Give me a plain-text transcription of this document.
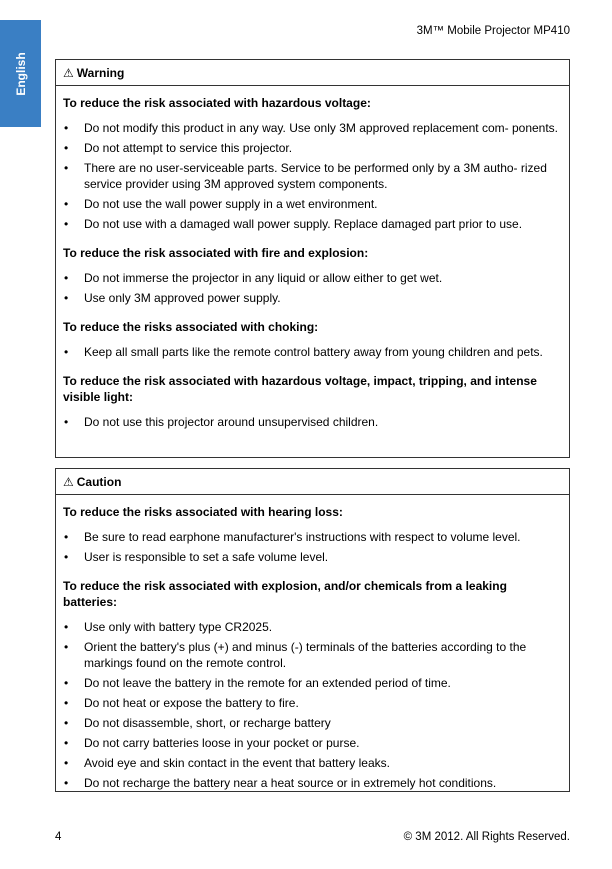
English
3M™ Mobile Projector MP410
⚠ Warning
To reduce the risk associated with hazardous voltage:
• Do not modify this product in any way. Use only 3M approved replacement com- ponents.
• Do not attempt to service this projector.
• There are no user-serviceable parts. Service to be performed only by a 3M autho- rized service provider using 3M approved system components.
• Do not use the wall power supply in a wet environment.
• Do not use with a damaged wall power supply. Replace damaged part prior to use.
To reduce the risk associated with fire and explosion:
• Do not immerse the projector in any liquid or allow either to get wet.
• Use only 3M approved power supply.
To reduce the risks associated with choking:
• Keep all small parts like the remote control battery away from young children and pets.
To reduce the risk associated with hazardous voltage, impact, tripping, and intense visible light:
• Do not use this projector around unsupervised children.
⚠ Caution
To reduce the risks associated with hearing loss:
• Be sure to read earphone manufacturer's instructions with respect to volume level.
• User is responsible to set a safe volume level.
To reduce the risk associated with explosion, and/or chemicals from a leaking batteries:
• Use only with battery type CR2025.
• Orient the battery's plus (+) and minus (-) terminals of the batteries according to the markings found on the remote control.
• Do not leave the battery in the remote for an extended period of time.
• Do not heat or expose the battery to fire.
• Do not disassemble, short, or recharge battery
• Do not carry batteries loose in your pocket or purse.
• Avoid eye and skin contact in the event that battery leaks.
• Do not recharge the battery near a heat source or in extremely hot conditions.
4	© 3M 2012. All Rights Reserved.
